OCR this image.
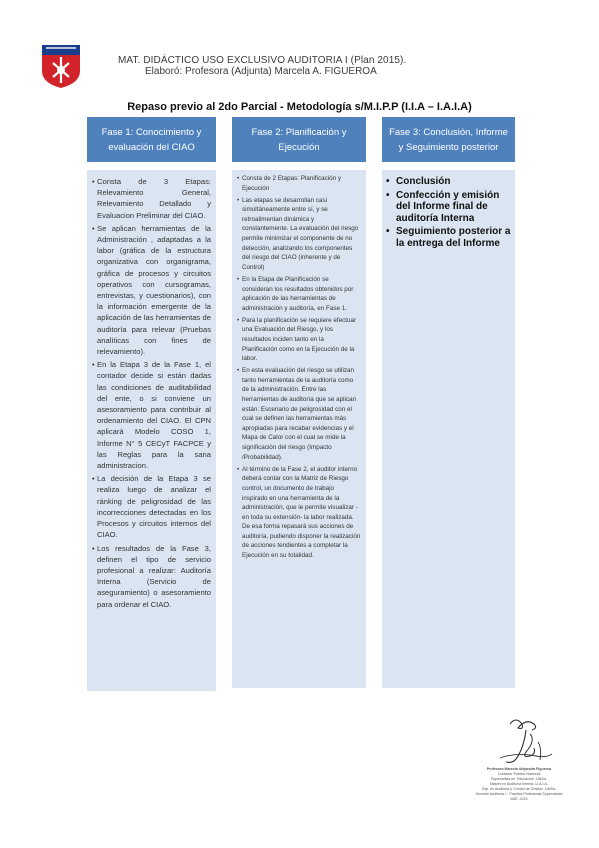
MAT. DIDÁCTICO USO EXCLUSIVO AUDITORIA I (Plan 2015).
Elaboró: Profesora (Adjunta) Marcela A. FIGUEROA
Repaso previo al 2do Parcial - Metodología s/M.I.P.P (I.I.A – I.A.I.A)
Fase 1: Conocimiento y evaluación del CIAO
• Consta de 3 Etapas: Relevamiento General, Relevamiento Detallado y Evaluacion Preliminar del CIAO.
• Se aplican herramientas de la Administración , adaptadas a la labor (gráfica de la estructura organizativa con organigrama, gráfica de procesos y circuitos operativos con cursogramas, entrevistas, y cuestionarios), con la información emergente de la aplicación de las herramientas de auditoría para relevar (Pruebas analíticas con fines de relevamiento).
• En la Etapa 3 de la Fase 1, el contador decide si están dadas las condiciones de auditabilidad del ente, o si conviene un asesoramiento para contribuir al ordenamiento del CIAO. El CPN aplicará Modelo COSO 1, Informe N° 5 CECyT FACPCE y las Reglas para la sana administracion.
• La decisión de la Etapa 3 se realiza luego de analizar el ránking de peligrosidad de las incorrecciones detectadas en los Procesos y circuitos internos del CIAO.
• Los resultados de la Fase 3, definen el tipo de servicio profesional a realizar: Auditoría Interna (Servicio de aseguramiento) o asesoramiento para ordenar el CIAO.
Fase 2: Planificación y Ejecución
• Consta de 2 Etapas: Planificación y Ejecución
• Las etapas se desarrollan casi simultáneamente entre sí, y se retroalimentan dinámica y constantemente. La evaluación del riesgo permite minimizar el componente de no detección, analizando los componentes del riesgo del CIAO (inherente y de Control)
• En la Etapa de Planificación se consideran los resultados obtenidos por aplicación de las herramientas de administración y auditoría, en Fase 1.
• Para la planificación se requiere efectuar una Evaluación del Riesgo, y los resultados inciden tanto en la Planificación como en la Ejecución de la labor.
• En esta evaluación del riesgo se utilizan tanto herramientas de la auditoría como de la administración. Entre las herramientas de auditoría que se aplican están: Escenario de peligrosidad con el cual se definen las herramientas más apropiadas para recabar evidencias y el Mapa de Calor con el cual se mide la significación del riesgo (Impacto /Probabilidad).
• Al término de la Fase 2, el auditor interno deberá contar con la Matriz de Riesgo control, un documento de trabajo inspirado en una herramienta de la administración, que le permite visualizar -en toda su extensión- la labor realizada. De esa forma repasará sus acciones de auditoría, pudiendo disponer la realización de acciones tendientes a completar la Ejecución en su totalidad.
Fase 3: Conclusión, Informe y Seguimiento posterior
• Conclusión
• Confección y emisión del Informe final de auditoría Interna
• Seguimiento posterior a la entrega del Informe
Profesora Marcela Alejandra Figueroa
Contador Público Nacional
Especialista en Tributación -UNSa-
Máster en Auditoría Interna -U.A.I.A-
Esp. en Auditoría y Control de Gestión -UNSa-
Docente Auditoría I - Práctica Profesional Supervisada
MAT. 2215
